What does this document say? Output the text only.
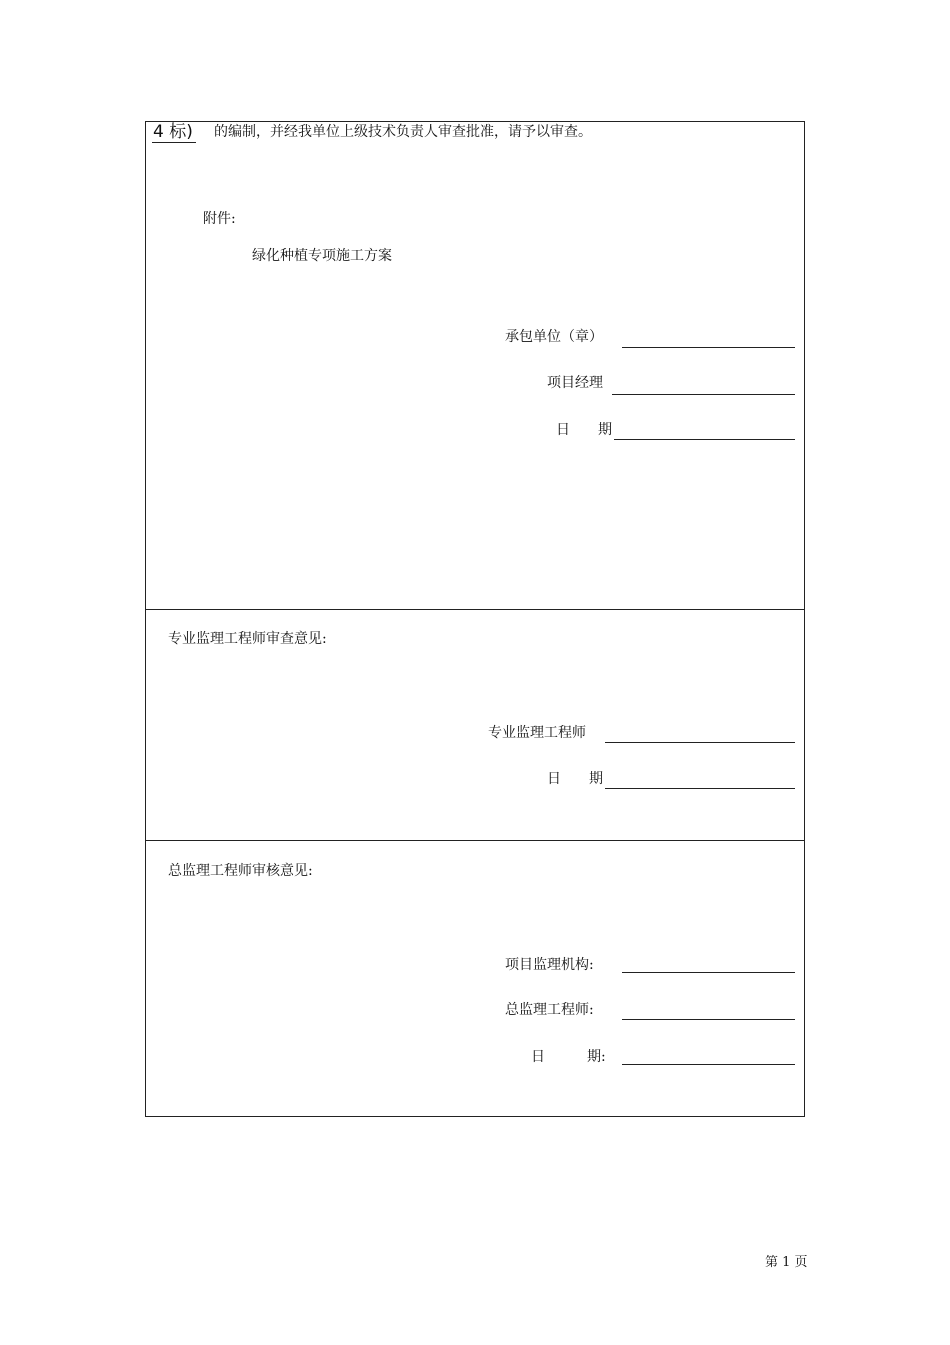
4 标) 的编制，并经我单位上级技术负责人审查批准，请予以审查。
附件:
绿化种植专项施工方案
承包单位（章）
项目经理
日　　期
专业监理工程师审查意见:
专业监理工程师
日　　期
总监理工程师审核意见:
项目监理机构:
总监理工程师:
日　　　期:
第 1 页
